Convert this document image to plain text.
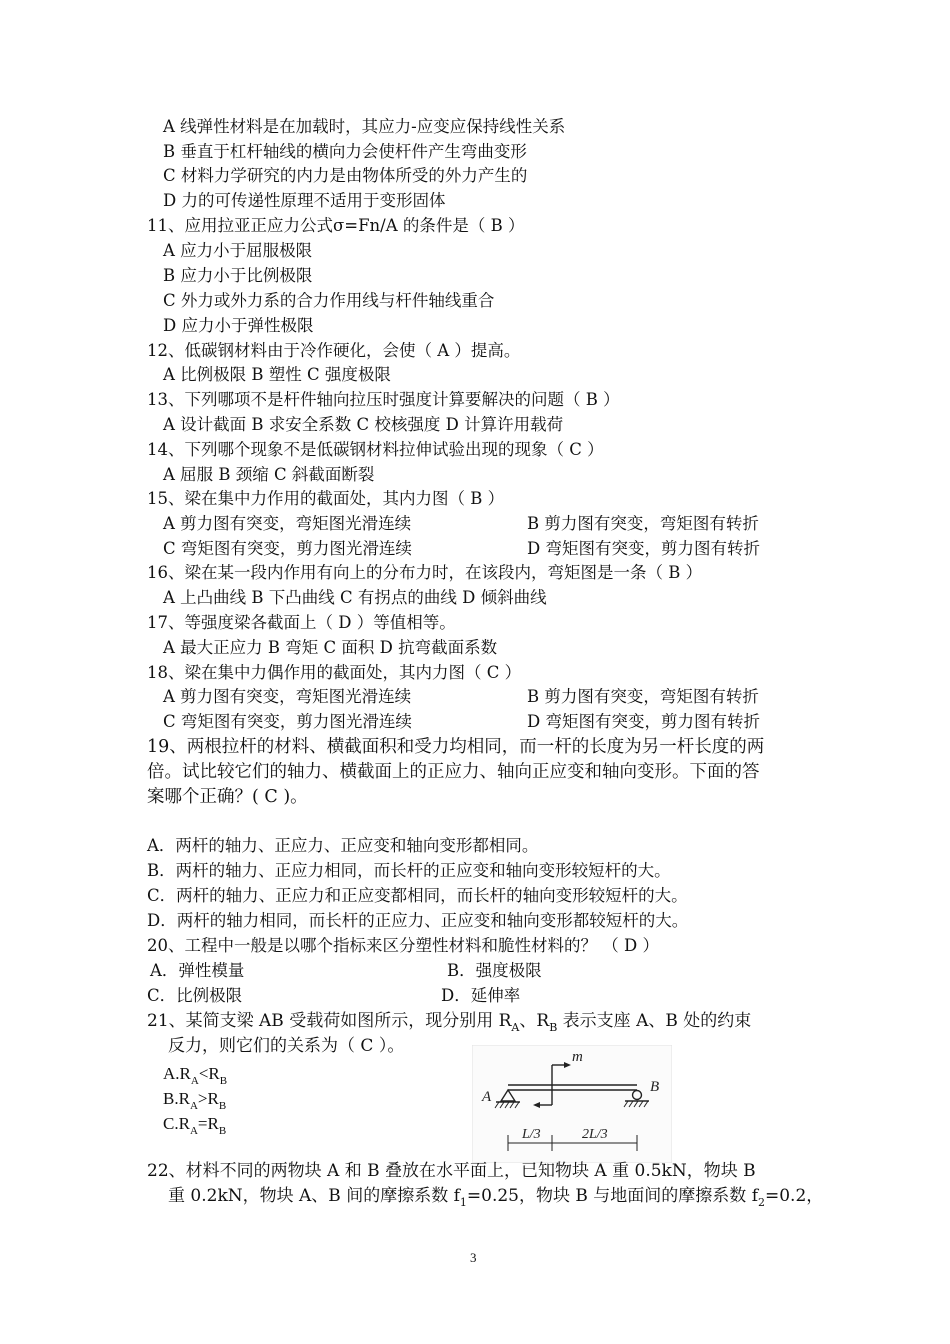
A 线弹性材料是在加载时，其应力-应变应保持线性关系
B 垂直于杠杆轴线的横向力会使杆件产生弯曲变形
C 材料力学研究的内力是由物体所受的外力产生的
D 力的可传递性原理不适用于变形固体
11、应用拉亚正应力公式σ=Fn/A 的条件是（ B ）
A 应力小于屈服极限
B 应力小于比例极限
C 外力或外力系的合力作用线与杆件轴线重合
D 应力小于弹性极限
12、低碳钢材料由于冷作硬化，会使（ A ）提高。
A 比例极限 B 塑性 C 强度极限
13、下列哪项不是杆件轴向拉压时强度计算要解决的问题（ B ）
A 设计截面 B 求安全系数 C 校核强度 D 计算许用载荷
14、下列哪个现象不是低碳钢材料拉伸试验出现的现象（ C ）
A 屈服 B 颈缩 C 斜截面断裂
15、梁在集中力作用的截面处，其内力图（ B ）
A 剪力图有突变，弯矩图光滑连续	B 剪力图有突变，弯矩图有转折
C 弯矩图有突变，剪力图光滑连续	D 弯矩图有突变，剪力图有转折
16、梁在某一段内作用有向上的分布力时，在该段内，弯矩图是一条（ B ）
A 上凸曲线 B 下凸曲线 C 有拐点的曲线 D 倾斜曲线
17、等强度梁各截面上（ D ）等值相等。
A 最大正应力 B 弯矩 C 面积 D 抗弯截面系数
18、梁在集中力偶作用的截面处，其内力图（ C ）
A 剪力图有突变，弯矩图光滑连续	B 剪力图有突变，弯矩图有转折
C 弯矩图有突变，剪力图光滑连续	D 弯矩图有突变，剪力图有转折
19、两根拉杆的材料、横截面积和受力均相同，而一杆的长度为另一杆长度的两
倍。试比较它们的轴力、横截面上的正应力、轴向正应变和轴向变形。下面的答
案哪个正确？( C )。
A．两杆的轴力、正应力、正应变和轴向变形都相同。
B．两杆的轴力、正应力相同，而长杆的正应变和轴向变形较短杆的大。
C．两杆的轴力、正应力和正应变都相同，而长杆的轴向变形较短杆的大。
D．两杆的轴力相同，而长杆的正应力、正应变和轴向变形都较短杆的大。
20、工程中一般是以哪个指标来区分塑性材料和脆性材料的？ （ D ）
A．弹性模量	B．强度极限
C．比例极限	D．延伸率
21、某简支梁 AB 受载荷如图所示，现分别用 $R_A$、$R_B$ 表示支座 A、B 处的约束
反力，则它们的关系为（ C ）。
$A.R_A<R_B$
$B.R_A>R_B$
$C.R_A=R_B$
m
A
B
L/3	2L/3
22、材料不同的两物块 A 和 B 叠放在水平面上，已知物块 A 重 0.5kN，物块 B
重 0.2kN，物块 A、B 间的摩擦系数 $f_1=0.25$，物块 B 与地面间的摩擦系数 $f_2=0.2$，
3
